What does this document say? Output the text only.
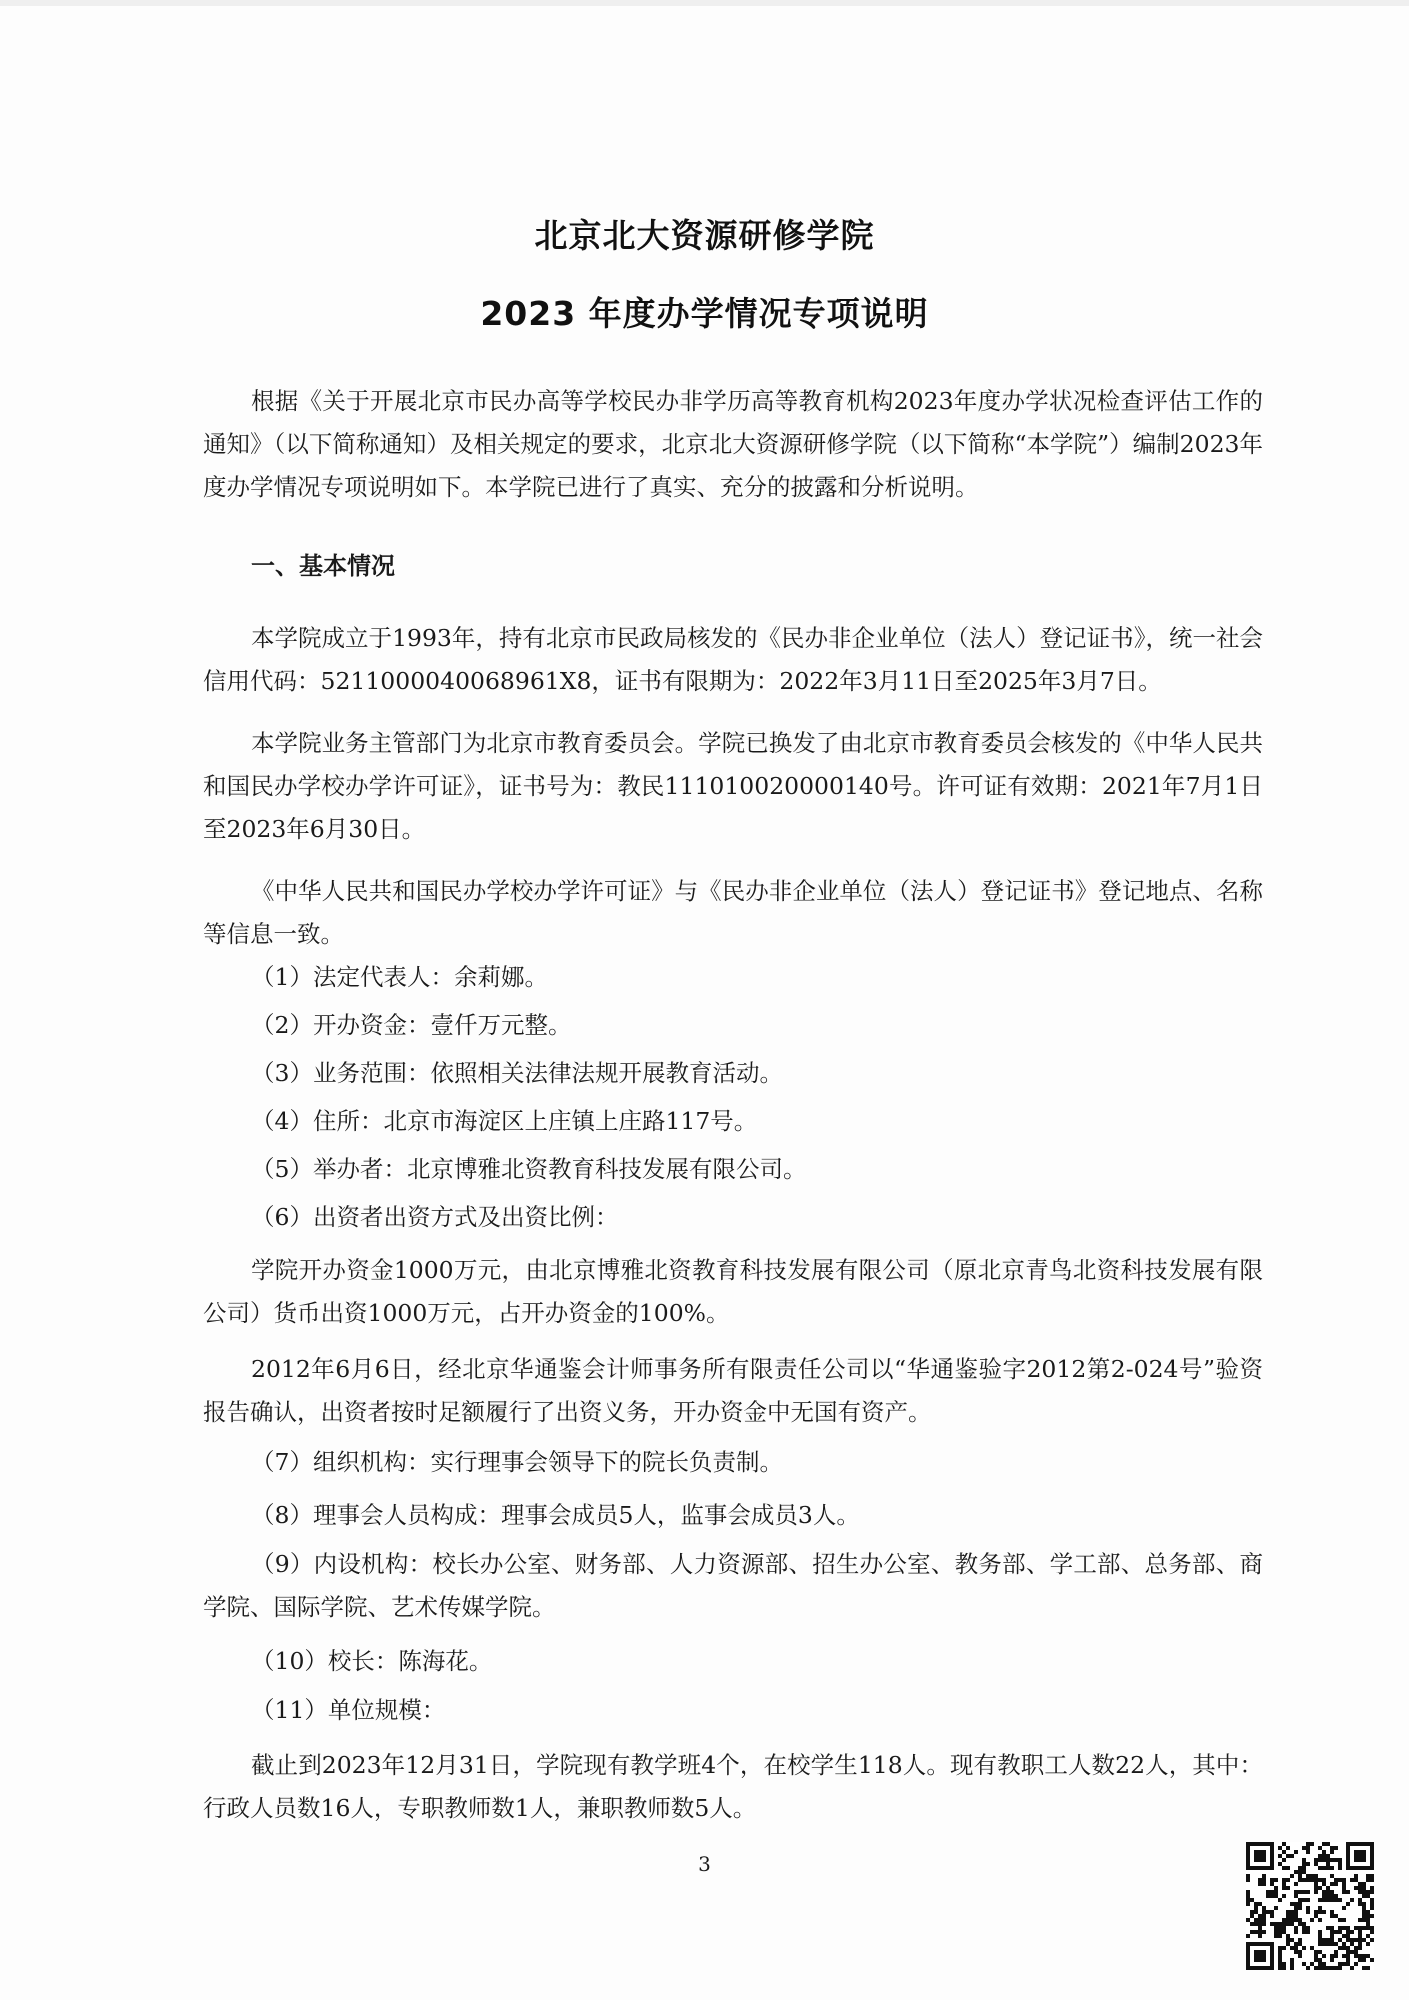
北京北大资源研修学院
2023 年度办学情况专项说明

根据《关于开展北京市民办高等学校民办非学历高等教育机构2023年度办学状况检查评估工作的通知》（以下简称通知）及相关规定的要求，北京北大资源研修学院（以下简称“本学院”）编制2023年度办学情况专项说明如下。本学院已进行了真实、充分的披露和分析说明。

一、基本情况

本学院成立于1993年，持有北京市民政局核发的《民办非企业单位（法人）登记证书》，统一社会信用代码：5211000040068961X8，证书有限期为：2022年3月11日至2025年3月7日。

本学院业务主管部门为北京市教育委员会。学院已换发了由北京市教育委员会核发的《中华人民共和国民办学校办学许可证》，证书号为：教民111010020000140号。许可证有效期：2021年7月1日至2023年6月30日。

《中华人民共和国民办学校办学许可证》与《民办非企业单位（法人）登记证书》登记地点、名称等信息一致。

（1）法定代表人：余莉娜。
（2）开办资金：壹仟万元整。
（3）业务范围：依照相关法律法规开展教育活动。
（4）住所：北京市海淀区上庄镇上庄路117号。
（5）举办者：北京博雅北资教育科技发展有限公司。
（6）出资者出资方式及出资比例：

学院开办资金1000万元，由北京博雅北资教育科技发展有限公司（原北京青鸟北资科技发展有限公司）货币出资1000万元，占开办资金的100%。

2012年6月6日，经北京华通鉴会计师事务所有限责任公司以“华通鉴验字2012第2-024号”验资报告确认，出资者按时足额履行了出资义务，开办资金中无国有资产。

（7）组织机构：实行理事会领导下的院长负责制。
（8）理事会人员构成：理事会成员5人，监事会成员3人。

（9）内设机构：校长办公室、财务部、人力资源部、招生办公室、教务部、学工部、总务部、商学院、国际学院、艺术传媒学院。

（10）校长：陈海花。
（11）单位规模：

截止到2023年12月31日，学院现有教学班4个，在校学生118人。现有教职工人数22人，其中：行政人员数16人，专职教师数1人，兼职教师数5人。

3
